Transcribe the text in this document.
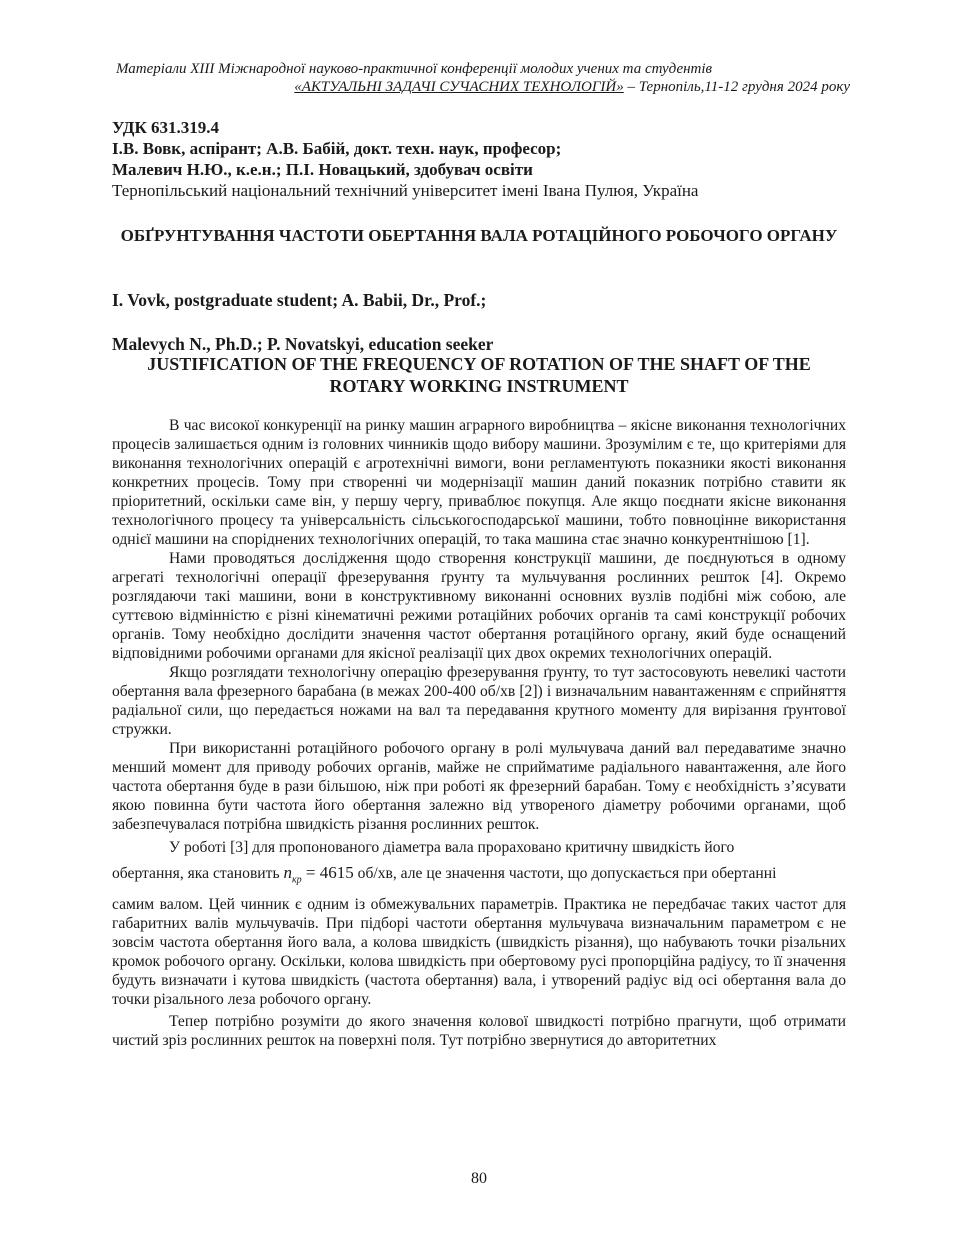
Матеріали XIII Міжнародної науково-практичної конференції молодих учених та студентів
«АКТУАЛЬНІ ЗАДАЧІ СУЧАСНИХ ТЕХНОЛОГІЙ» – Тернопіль,11-12 грудня 2024 року
УДК 631.319.4
І.В. Вовк, аспірант; А.В. Бабій, докт. техн. наук, професор;
Малевич Н.Ю., к.е.н.; П.І. Новацький, здобувач освіти
Тернопільський національний технічний університет імені Івана Пулюя, Україна
ОБҐРУНТУВАННЯ ЧАСТОТИ ОБЕРТАННЯ ВАЛА РОТАЦІЙНОГО РОБОЧОГО ОРГАНУ
I. Vovk, postgraduate student; A. Babii, Dr., Prof.;
Malevych N., Ph.D.; P. Novatskyi, education seeker
JUSTIFICATION OF THE FREQUENCY OF ROTATION OF THE SHAFT OF THE ROTARY WORKING INSTRUMENT

В час високої конкуренції на ринку машин аграрного виробництва – якісне виконання технологічних процесів залишається одним із головних чинників щодо вибору машини. Зрозумілим є те, що критеріями для виконання технологічних операцій є агротехнічні вимоги, вони регламентують показники якості виконання конкретних процесів. Тому при створенні чи модернізації машин даний показник потрібно ставити як пріоритетний, оскільки саме він, у першу чергу, приваблює покупця. Але якщо поєднати якісне виконання технологічного процесу та універсальність сільськогосподарської машини, тобто повноцінне використання однієї машини на споріднених технологічних операцій, то така машина стає значно конкурентнішою [1].

Нами проводяться дослідження щодо створення конструкції машини, де поєднуються в одному агрегаті технологічні операції фрезерування ґрунту та мульчування рослинних решток [4]. Окремо розглядаючи такі машини, вони в конструктивному виконанні основних вузлів подібні між собою, але суттєвою відмінністю є різні кінематичні режими ротаційних робочих органів та самі конструкції робочих органів. Тому необхідно дослідити значення частот обертання ротаційного органу, який буде оснащений відповідними робочими органами для якісної реалізації цих двох окремих технологічних операцій.

Якщо розглядати технологічну операцію фрезерування ґрунту, то тут застосовують невеликі частоти обертання вала фрезерного барабана (в межах 200-400 об/хв [2]) і визначальним навантаженням є сприйняття радіальної сили, що передається ножами на вал та передавання крутного моменту для вирізання ґрунтової стружки.

При використанні ротаційного робочого органу в ролі мульчувача даний вал передаватиме значно менший момент для приводу робочих органів, майже не сприйматиме радіального навантаження, але його частота обертання буде в рази більшою, ніж при роботі як фрезерний барабан. Тому є необхідність з’ясувати якою повинна бути частота його обертання залежно від утвореного діаметру робочими органами, щоб забезпечувалася потрібна швидкість різання рослинних решток.

У роботі [3] для пропонованого діаметра вала прораховано критичну швидкість його
обертання, яка становить $n_{кр} = 4615$ об/хв, але це значення частоти, що допускається при обертанні
самим валом. Цей чинник є одним із обмежувальних параметрів. Практика не передбачає таких частот для габаритних валів мульчувачів. При підборі частоти обертання мульчувача визначальним параметром є не зовсім частота обертання його вала, а колова швидкість (швидкість різання), що набувають точки різальних кромок робочого органу. Оскільки, колова швидкість при обертовому русі пропорційна радіусу, то її значення будуть визначати і кутова швидкість (частота обертання) вала, і утворений радіус від осі обертання вала до точки різального леза робочого органу.

Тепер потрібно розуміти до якого значення колової швидкості потрібно прагнути, щоб отримати чистий зріз рослинних решток на поверхні поля. Тут потрібно звернутися до авторитетних

80
